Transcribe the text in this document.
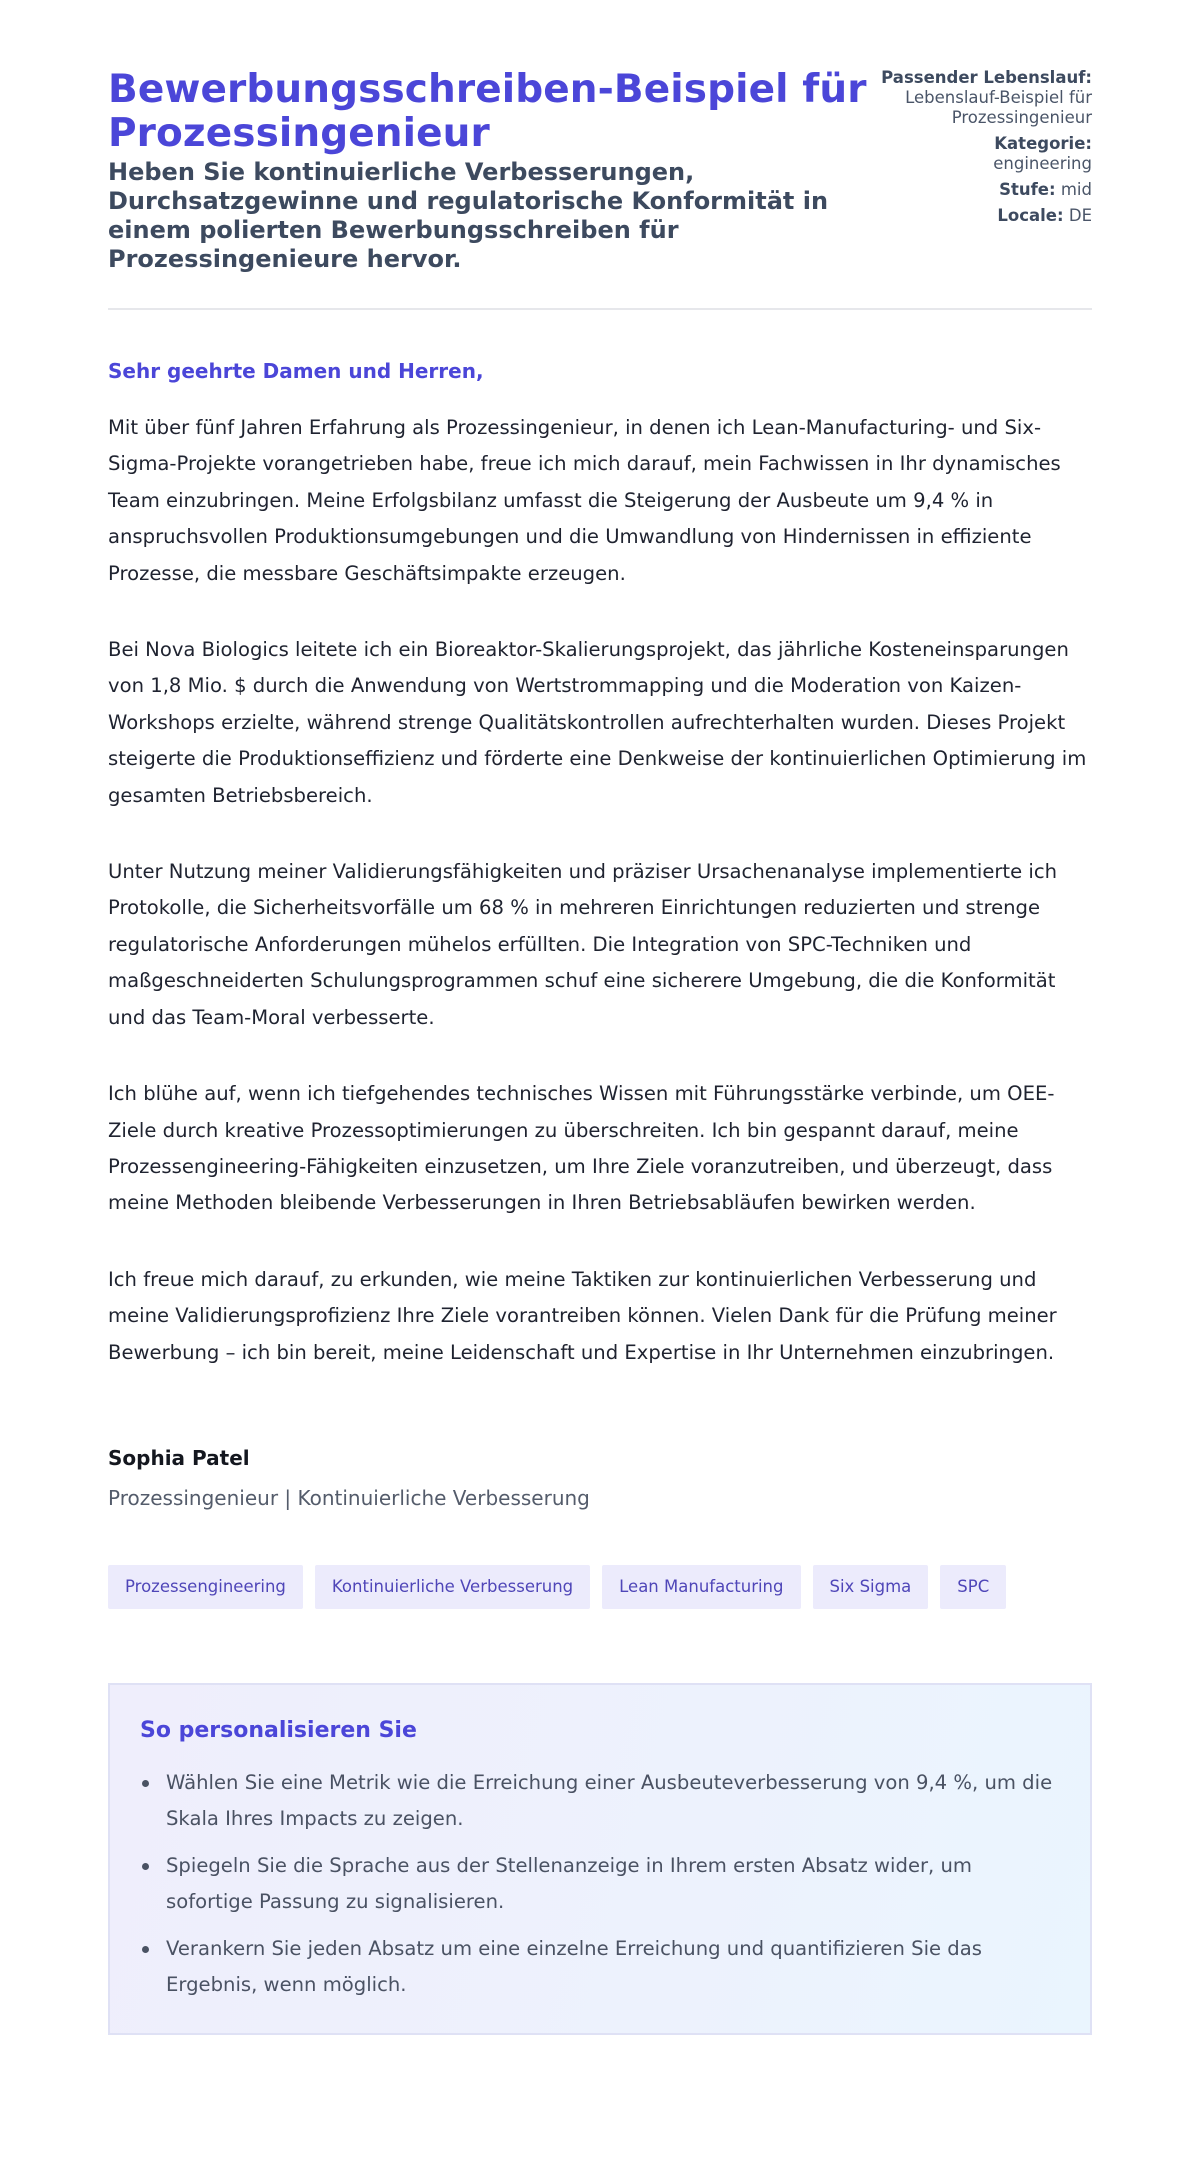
Bewerbungsschreiben-Beispiel für Prozessingenieur
Heben Sie kontinuierliche Verbesserungen, Durchsatzgewinne und regulatorische Konformität in einem polierten Bewerbungsschreiben für Prozessingenieure hervor.
Passender Lebenslauf:
Lebenslauf-Beispiel für Prozessingenieur
Kategorie:
engineering
Stufe: mid
Locale: DE

Sehr geehrte Damen und Herren,

Mit über fünf Jahren Erfahrung als Prozessingenieur, in denen ich Lean-Manufacturing- und Six-Sigma-Projekte vorangetrieben habe, freue ich mich darauf, mein Fachwissen in Ihr dynamisches Team einzubringen. Meine Erfolgsbilanz umfasst die Steigerung der Ausbeute um 9,4 % in anspruchsvollen Produktionsumgebungen und die Umwandlung von Hindernissen in effiziente Prozesse, die messbare Geschäftsimpakte erzeugen.

Bei Nova Biologics leitete ich ein Bioreaktor-Skalierungsprojekt, das jährliche Kosteneinsparungen von 1,8 Mio. $ durch die Anwendung von Wertstrommapping und die Moderation von Kaizen-Workshops erzielte, während strenge Qualitätskontrollen aufrechterhalten wurden. Dieses Projekt steigerte die Produktionseffizienz und förderte eine Denkweise der kontinuierlichen Optimierung im gesamten Betriebsbereich.

Unter Nutzung meiner Validierungsfähigkeiten und präziser Ursachenanalyse implementierte ich Protokolle, die Sicherheitsvorfälle um 68 % in mehreren Einrichtungen reduzierten und strenge regulatorische Anforderungen mühelos erfüllten. Die Integration von SPC-Techniken und maßgeschneiderten Schulungsprogrammen schuf eine sicherere Umgebung, die die Konformität und das Team-Moral verbesserte.

Ich blühe auf, wenn ich tiefgehendes technisches Wissen mit Führungsstärke verbinde, um OEE-Ziele durch kreative Prozessoptimierungen zu überschreiten. Ich bin gespannt darauf, meine Prozessengineering-Fähigkeiten einzusetzen, um Ihre Ziele voranzutreiben, und überzeugt, dass meine Methoden bleibende Verbesserungen in Ihren Betriebsabläufen bewirken werden.

Ich freue mich darauf, zu erkunden, wie meine Taktiken zur kontinuierlichen Verbesserung und meine Validierungsprofizienz Ihre Ziele vorantreiben können. Vielen Dank für die Prüfung meiner Bewerbung – ich bin bereit, meine Leidenschaft und Expertise in Ihr Unternehmen einzubringen.

Sophia Patel
Prozessingenieur | Kontinuierliche Verbesserung
Prozessengineering	Kontinuierliche Verbesserung	Lean Manufacturing	Six Sigma	SPC
So personalisieren Sie
Wählen Sie eine Metrik wie die Erreichung einer Ausbeuteverbesserung von 9,4 %, um die Skala Ihres Impacts zu zeigen.
Spiegeln Sie die Sprache aus der Stellenanzeige in Ihrem ersten Absatz wider, um sofortige Passung zu signalisieren.
Verankern Sie jeden Absatz um eine einzelne Erreichung und quantifizieren Sie das Ergebnis, wenn möglich.
